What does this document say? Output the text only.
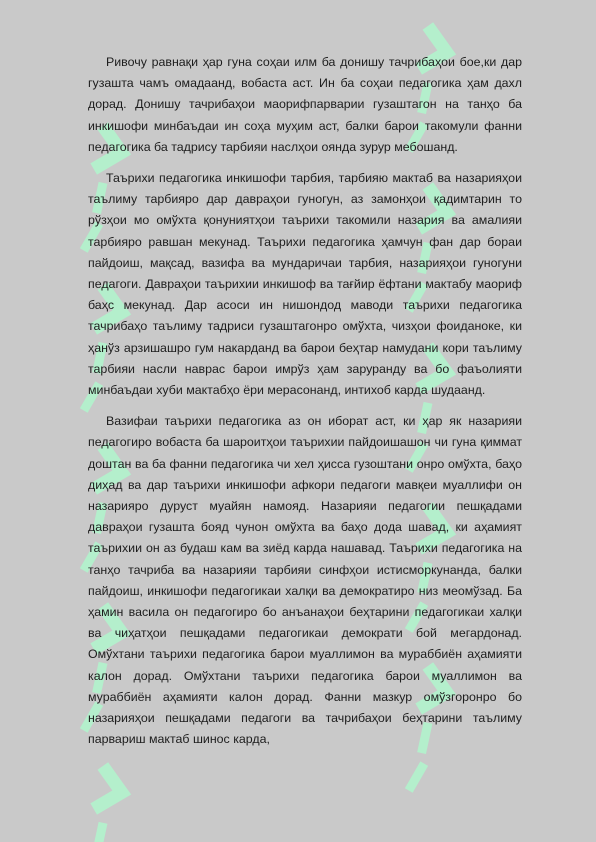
Ривочу равнақи ҳар гуна соҳаи илм ба донишу тачрибаҳои бое,ки дар гузашта чамъ омадаанд, вобаста аст. Ин ба соҳаи педагогика ҳам дахл дорад. Донишу тачрибаҳои маорифпарварии гузаштагон на танҳо ба инкишофи минбаъдаи ин соҳа муҳим аст, балки барои такомули фанни педагогика ба тадрису тарбияи наслҳои оянда зурур мебошанд.

Таърихи педагогика инкишофи тарбия, тарбияю мактаб ва назарияҳои таълиму тарбияро дар давраҳои гуногун, аз замонҳои қадимтарин то рўзҳои мо омўхта қонуниятҳои таърихи такомили назария ва амалияи тарбияро равшан мекунад. Таърихи педагогика ҳамчун фан дар бораи пайдоиш, мақсад, вазифа ва мундаричаи тарбия, назарияҳои гуногуни педагоги. Давраҳои таърихии инкишоф ва тағйир ёфтани мактабу маориф баҳс мекунад. Дар асоси ин нишондод маводи таърихи педагогика тачрибаҳо таълиму тадриси гузаштагонро омўхта, чизҳои фоиданоке, ки ҳанўз арзишашро гум накарданд ва барои беҳтар намудани кори таълиму тарбияи насли наврас барои имрўз ҳам заруранду ва бо фаъолияти минбаъдаи хуби мактабҳо ёри мерасонанд, интихоб карда шудаанд.

Вазифаи таърихи педагогика аз он иборат аст, ки ҳар як назарияи педагогиро вобаста ба шароитҳои таърихии пайдоишашон чи гуна қиммат доштан ва ба фанни педагогика чи хел ҳисса гузоштани онро омўхта, баҳо диҳад ва дар таърихи инкишофи афкори педагоги мавқеи муаллифи он назарияро дуруст муайян намояд. Назарияи педагогии пешқадами давраҳои гузашта бояд чунон омўхта ва баҳо дода шавад, ки аҳамият таърихии он аз будаш кам ва зиёд карда нашавад. Таърихи педагогика на танҳо тачриба ва назарияи тарбияи синфҳои истисморкунанда, балки пайдоиш, инкишофи педагогикаи халқи ва демократиро низ меомўзад. Ба ҳамин васила он педагогиро бо анъанаҳои беҳтарини педагогикаи халқи ва чиҳатҳои пешқадами педагогикаи демократи бой мегардонад. Омўхтани таърихи педагогика барои муаллимон ва мураббиён аҳамияти калон дорад. Омўхтани таърихи педагогика барои муаллимон ва мураббиён аҳамияти калон дорад. Фанни мазкур омўзгоронро бо назарияҳои пешқадами педагоги ва тачрибаҳои беҳтарини таълиму парвариш мактаб шинос карда,
